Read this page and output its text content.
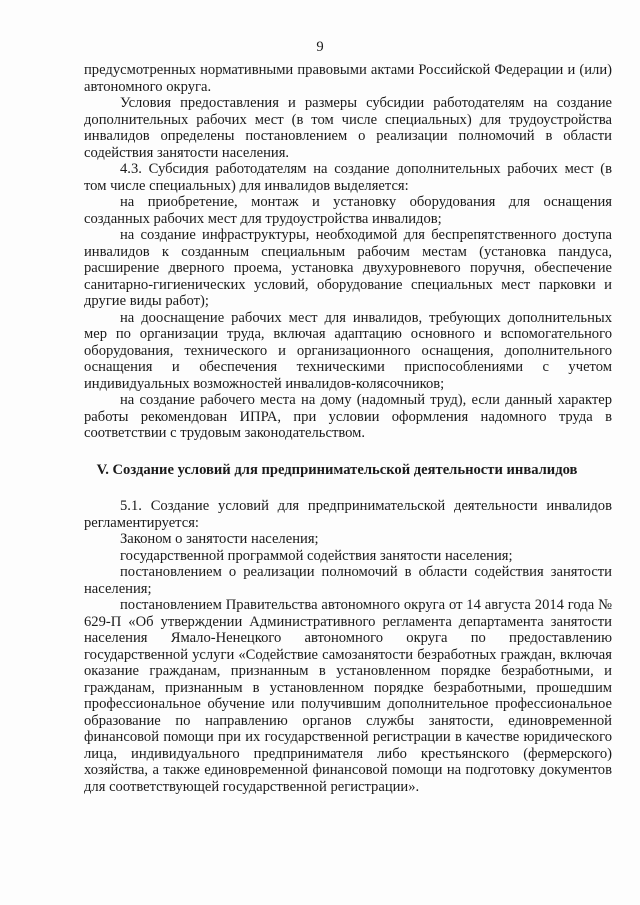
9

предусмотренных нормативными правовыми актами Российской Федерации и (или) автономного округа.

Условия предоставления и размеры субсидии работодателям на создание дополнительных рабочих мест (в том числе специальных) для трудоустройства инвалидов определены постановлением о реализации полномочий в области содействия занятости населения.

4.3. Субсидия работодателям на создание дополнительных рабочих мест (в том числе специальных) для инвалидов выделяется:

на приобретение, монтаж и установку оборудования для оснащения созданных рабочих мест для трудоустройства инвалидов;

на создание инфраструктуры, необходимой для беспрепятственного доступа инвалидов к созданным специальным рабочим местам (установка пандуса, расширение дверного проема, установка двухуровневого поручня, обеспечение санитарно-гигиенических условий, оборудование специальных мест парковки и другие виды работ);

на дооснащение рабочих мест для инвалидов, требующих дополнительных мер по организации труда, включая адаптацию основного и вспомогательного оборудования, технического и организационного оснащения, дополнительного оснащения и обеспечения техническими приспособлениями с учетом индивидуальных возможностей инвалидов-колясочников;

на создание рабочего места на дому (надомный труд), если данный характер работы рекомендован ИПРА, при условии оформления надомного труда в соответствии с трудовым законодательством.

V. Создание условий для предпринимательской деятельности инвалидов

5.1. Создание условий для предпринимательской деятельности инвалидов регламентируется:

Законом о занятости населения;

государственной программой содействия занятости населения;

постановлением о реализации полномочий в области содействия занятости населения;

постановлением Правительства автономного округа от 14 августа 2014 года № 629-П «Об утверждении Административного регламента департамента занятости населения Ямало-Ненецкого автономного округа по предоставлению государственной услуги «Содействие самозанятости безработных граждан, включая оказание гражданам, признанным в установленном порядке безработными, и гражданам, признанным в установленном порядке безработными, прошедшим профессиональное обучение или получившим дополнительное профессиональное образование по направлению органов службы занятости, единовременной финансовой помощи при их государственной регистрации в качестве юридического лица, индивидуального предпринимателя либо крестьянского (фермерского) хозяйства, а также единовременной финансовой помощи на подготовку документов для соответствующей государственной регистрации».
